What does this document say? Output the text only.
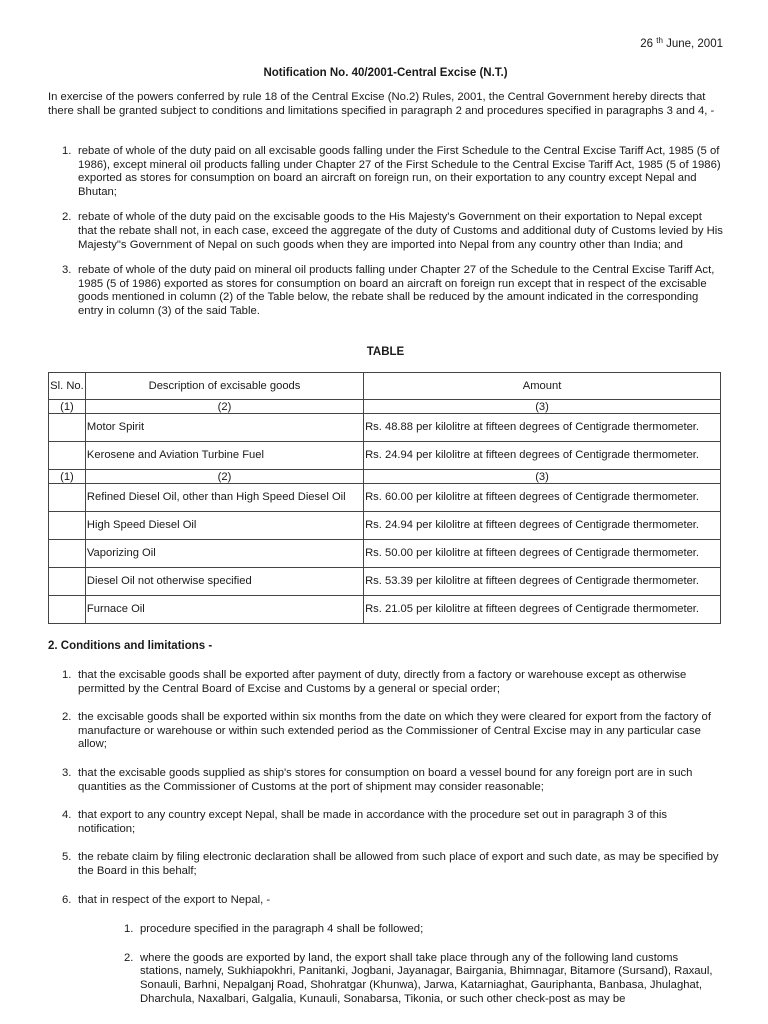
26 $^{th}$ June, 2001
Notification No. 40/2001-Central Excise (N.T.)

In exercise of the powers conferred by rule 18 of the Central Excise (No.2) Rules, 2001, the Central Government hereby directs that there shall be granted subject to conditions and limitations specified in paragraph 2 and procedures specified in paragraphs 3 and 4, -

1. rebate of whole of the duty paid on all excisable goods falling under the First Schedule to the Central Excise Tariff Act, 1985 (5 of 1986), except mineral oil products falling under Chapter 27 of the First Schedule to the Central Excise Tariff Act, 1985 (5 of 1986) exported as stores for consumption on board an aircraft on foreign run, on their exportation to any country except Nepal and Bhutan;
2. rebate of whole of the duty paid on the excisable goods to the His Majesty's Government on their exportation to Nepal except that the rebate shall not, in each case, exceed the aggregate of the duty of Customs and additional duty of Customs levied by His Majesty"s Government of Nepal on such goods when they are imported into Nepal from any country other than India; and
3. rebate of whole of the duty paid on mineral oil products falling under Chapter 27 of the Schedule to the Central Excise Tariff Act, 1985 (5 of 1986) exported as stores for consumption on board an aircraft on foreign run except that in respect of the excisable goods mentioned in column (2) of the Table below, the rebate shall be reduced by the amount indicated in the corresponding entry in column (3) of the said Table.
TABLE
Sl. No.	Description of excisable goods	Amount
(1)	(2)	(3)
	Motor Spirit	Rs. 48.88 per kilolitre at fifteen degrees of Centigrade thermometer.
	Kerosene and Aviation Turbine Fuel	Rs. 24.94 per kilolitre at fifteen degrees of Centigrade thermometer.
(1)	(2)	(3)
	Refined Diesel Oil, other than High Speed Diesel Oil	Rs. 60.00 per kilolitre at fifteen degrees of Centigrade thermometer.
	High Speed Diesel Oil	Rs. 24.94 per kilolitre at fifteen degrees of Centigrade thermometer.
	Vaporizing Oil	Rs. 50.00 per kilolitre at fifteen degrees of Centigrade thermometer.
	Diesel Oil not otherwise specified	Rs. 53.39 per kilolitre at fifteen degrees of Centigrade thermometer.
	Furnace Oil	Rs. 21.05 per kilolitre at fifteen degrees of Centigrade thermometer.
2. Conditions and limitations -
1. that the excisable goods shall be exported after payment of duty, directly from a factory or warehouse except as otherwise permitted by the Central Board of Excise and Customs by a general or special order;
2. the excisable goods shall be exported within six months from the date on which they were cleared for export from the factory of manufacture or warehouse or within such extended period as the Commissioner of Central Excise may in any particular case allow;
3. that the excisable goods supplied as ship's stores for consumption on board a vessel bound for any foreign port are in such quantities as the Commissioner of Customs at the port of shipment may consider reasonable;
4. that export to any country except Nepal, shall be made in accordance with the procedure set out in paragraph 3 of this notification;
5. the rebate claim by filing electronic declaration shall be allowed from such place of export and such date, as may be specified by the Board in this behalf;
6. that in respect of the export to Nepal, -
1. procedure specified in the paragraph 4 shall be followed;
2. where the goods are exported by land, the export shall take place through any of the following land customs stations, namely, Sukhiapokhri, Panitanki, Jogbani, Jayanagar, Bairgania, Bhimnagar, Bitamore (Sursand), Raxaul, Sonauli, Barhni, Nepalganj Road, Shohratgar (Khunwa), Jarwa, Katarniaghat, Gauriphanta, Banbasa, Jhulaghat, Dharchula, Naxalbari, Galgalia, Kunauli, Sonabarsa, Tikonia, or such other check-post as may be
